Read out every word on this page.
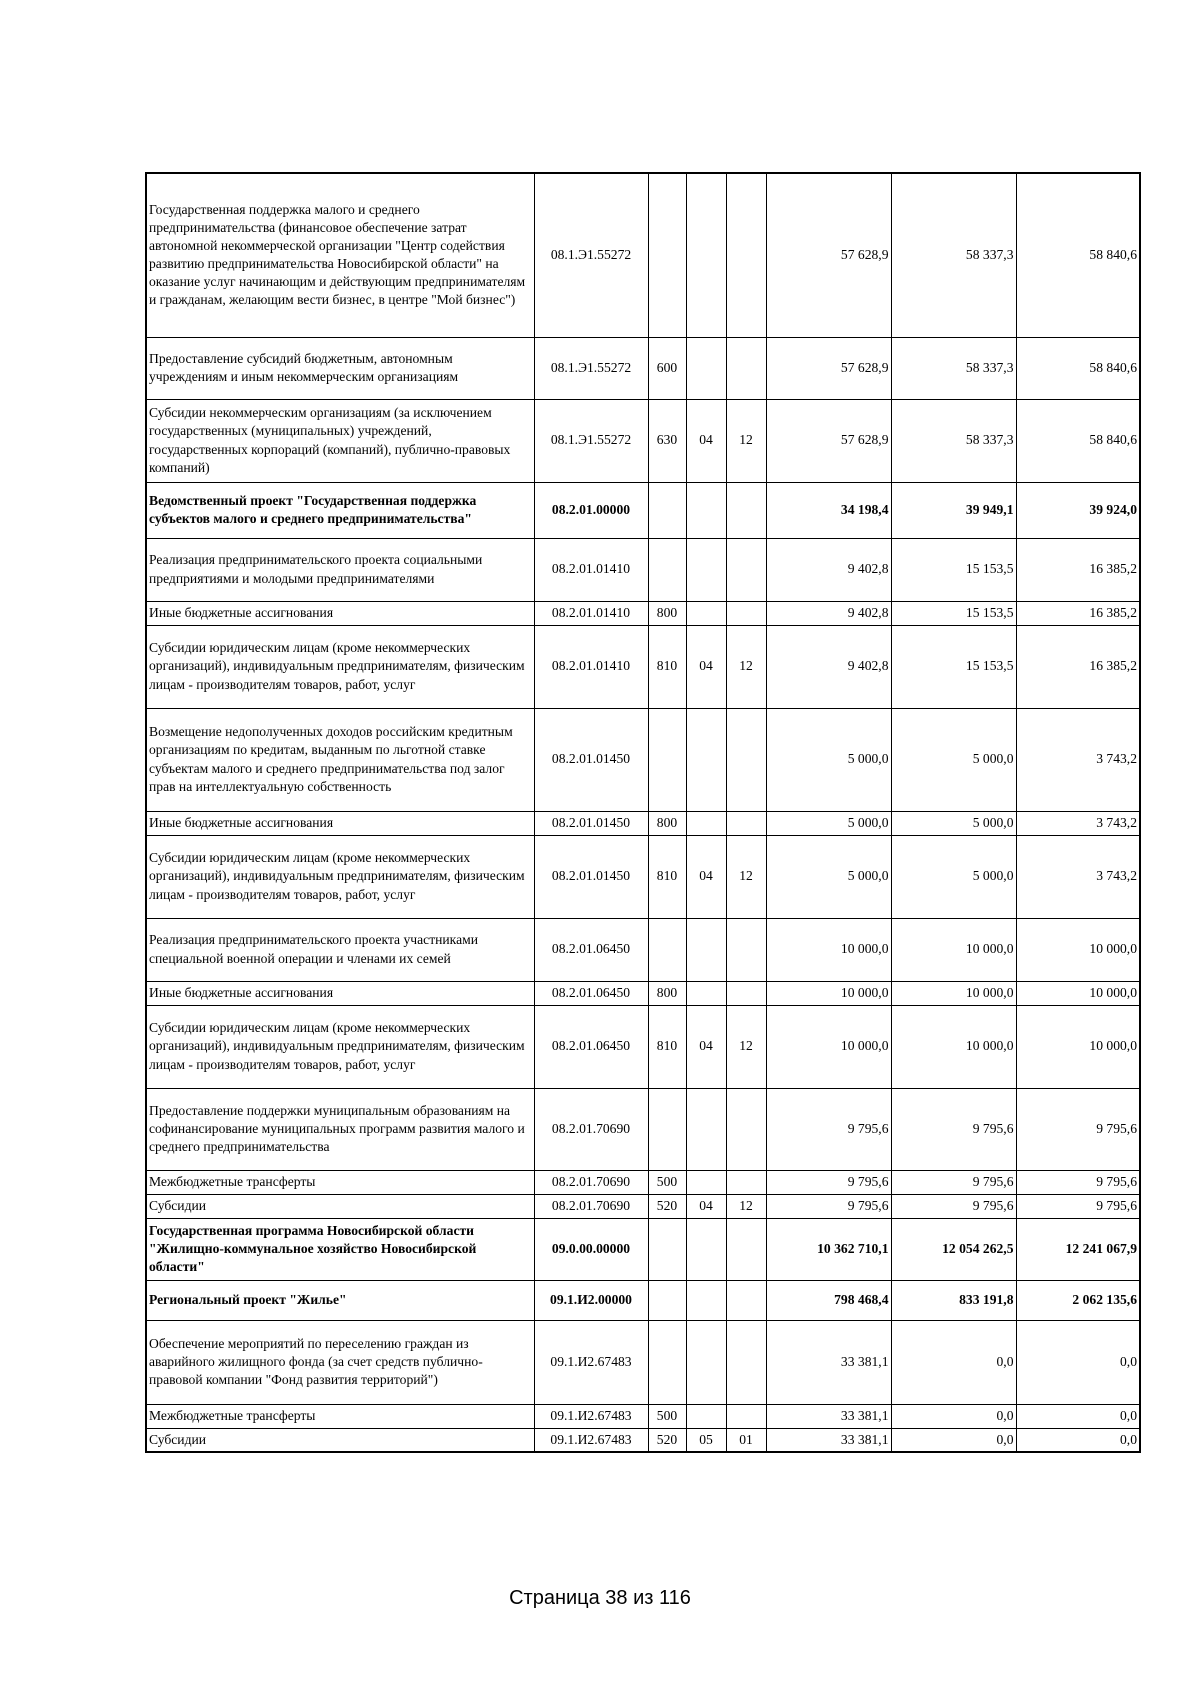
Государственная поддержка малого и среднего предпринимательства (финансовое обеспечение затрат автономной некоммерческой организации "Центр содействия развитию предпринимательства Новосибирской области" на оказание услуг начинающим и действующим предпринимателям и гражданам, желающим вести бизнес, в центре "Мой бизнес")	08.1.Э1.55272				57 628,9	58 337,3	58 840,6
Предоставление субсидий бюджетным, автономным учреждениям и иным некоммерческим организациям	08.1.Э1.55272	600			57 628,9	58 337,3	58 840,6
Субсидии некоммерческим организациям (за исключением государственных (муниципальных) учреждений, государственных корпораций (компаний), публично-правовых компаний)	08.1.Э1.55272	630	04	12	57 628,9	58 337,3	58 840,6
Ведомственный проект "Государственная поддержка субъектов малого и среднего предпринимательства"	08.2.01.00000				34 198,4	39 949,1	39 924,0
Реализация предпринимательского проекта социальными предприятиями и молодыми предпринимателями	08.2.01.01410				9 402,8	15 153,5	16 385,2
Иные бюджетные ассигнования	08.2.01.01410	800			9 402,8	15 153,5	16 385,2
Субсидии юридическим лицам (кроме некоммерческих организаций), индивидуальным предпринимателям, физическим лицам - производителям товаров, работ, услуг	08.2.01.01410	810	04	12	9 402,8	15 153,5	16 385,2
Возмещение недополученных доходов российским кредитным организациям по кредитам, выданным по льготной ставке субъектам малого и среднего предпринимательства под залог прав на интеллектуальную собственность	08.2.01.01450				5 000,0	5 000,0	3 743,2
Иные бюджетные ассигнования	08.2.01.01450	800			5 000,0	5 000,0	3 743,2
Субсидии юридическим лицам (кроме некоммерческих организаций), индивидуальным предпринимателям, физическим лицам - производителям товаров, работ, услуг	08.2.01.01450	810	04	12	5 000,0	5 000,0	3 743,2
Реализация предпринимательского проекта участниками специальной военной операции и членами их семей	08.2.01.06450				10 000,0	10 000,0	10 000,0
Иные бюджетные ассигнования	08.2.01.06450	800			10 000,0	10 000,0	10 000,0
Субсидии юридическим лицам (кроме некоммерческих организаций), индивидуальным предпринимателям, физическим лицам - производителям товаров, работ, услуг	08.2.01.06450	810	04	12	10 000,0	10 000,0	10 000,0
Предоставление поддержки муниципальным образованиям на софинансирование муниципальных программ развития малого и среднего предпринимательства	08.2.01.70690				9 795,6	9 795,6	9 795,6
Межбюджетные трансферты	08.2.01.70690	500			9 795,6	9 795,6	9 795,6
Субсидии	08.2.01.70690	520	04	12	9 795,6	9 795,6	9 795,6
Государственная программа Новосибирской области "Жилищно-коммунальное хозяйство Новосибирской области"	09.0.00.00000				10 362 710,1	12 054 262,5	12 241 067,9
Региональный проект "Жилье"	09.1.И2.00000				798 468,4	833 191,8	2 062 135,6
Обеспечение мероприятий по переселению граждан из аварийного жилищного фонда (за счет средств публично-правовой компании "Фонд развития территорий")	09.1.И2.67483				33 381,1	0,0	0,0
Межбюджетные трансферты	09.1.И2.67483	500			33 381,1	0,0	0,0
Субсидии	09.1.И2.67483	520	05	01	33 381,1	0,0	0,0
Страница 38 из 116
